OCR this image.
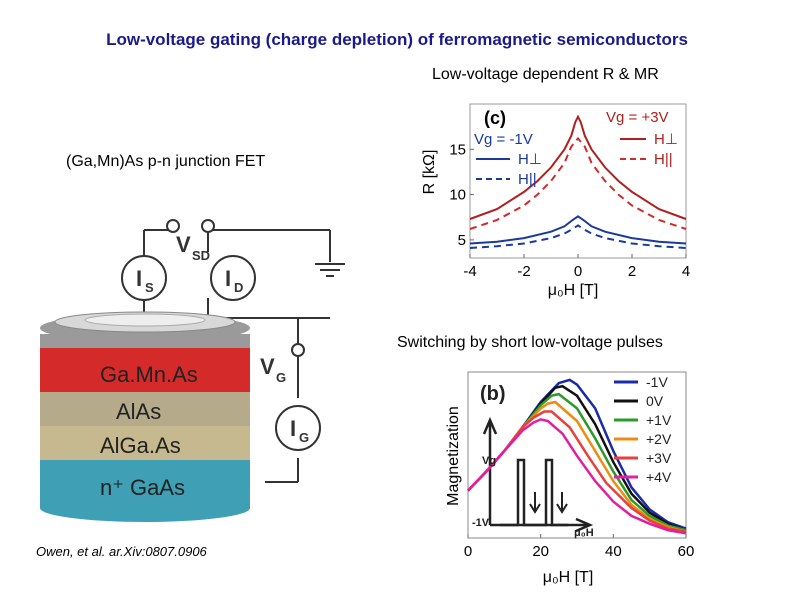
Low-voltage gating (charge depletion) of ferromagnetic semiconductors
Low-voltage dependent R & MR
Switching by short low-voltage pulses
(Ga,Mn)As p-n junction FET
Owen, et al. ar.Xiv:0807.0906
I S	I D
I G
V SD
V G
Ga.Mn.As
AlAs
AlGa.As
n⁺ GaAs
-4	-2	0	2	4
5
10
15
(c)	Vg = +3V
H⊥
H||
Vg = -1V
H⊥
H||
μ₀H [T]
R [kΩ]
0	20	40	60
-1V
0V
+1V
+2V
+3V
+4V
(b)
Vg
-1V
μ₀H
μ₀H [T]
Magnetization
